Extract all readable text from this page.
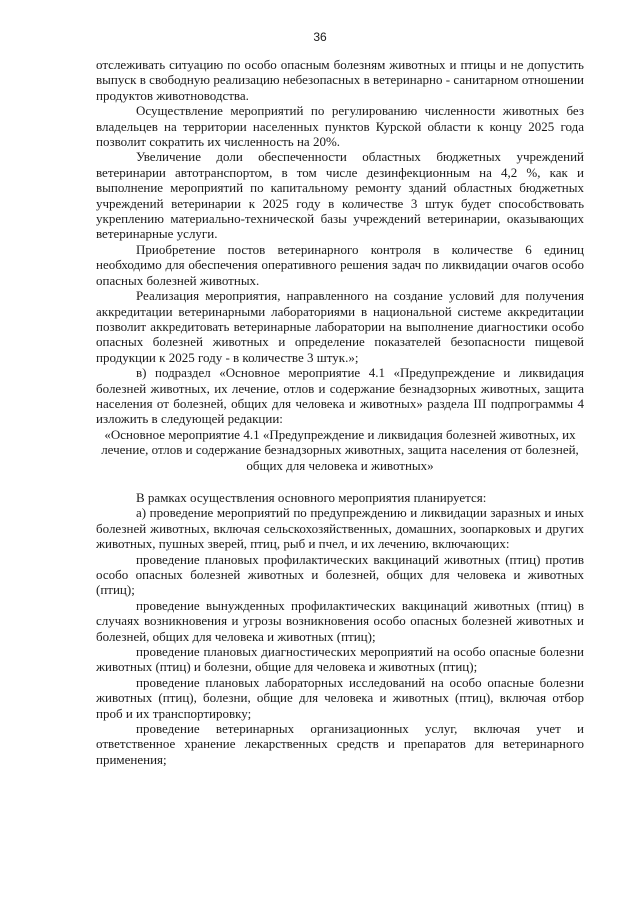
36

отслеживать ситуацию по особо опасным болезням животных и птицы и не допустить выпуск в свободную реализацию небезопасных в ветеринарно - санитарном отношении продуктов животноводства.

Осуществление мероприятий по регулированию численности животных без владельцев на территории населенных пунктов Курской области к концу 2025 года позволит сократить их численность на 20%.

Увеличение доли обеспеченности областных бюджетных учреждений ветеринарии автотранспортом, в том числе дезинфекционным на 4,2 %, как и выполнение мероприятий по капитальному ремонту зданий областных бюджетных учреждений ветеринарии к 2025 году в количестве 3 штук будет способствовать укреплению материально-технической базы учреждений ветеринарии, оказывающих ветеринарные услуги.

Приобретение постов ветеринарного контроля в количестве 6 единиц необходимо для обеспечения оперативного решения задач по ликвидации очагов особо опасных болезней животных.

Реализация мероприятия, направленного на создание условий для получения аккредитации ветеринарными лабораториями в национальной системе аккредитации позволит аккредитовать ветеринарные лаборатории на выполнение диагностики особо опасных болезней животных и определение показателей безопасности пищевой продукции к 2025 году - в количестве 3 штук.»;

в) подраздел «Основное мероприятие 4.1 «Предупреждение и ликвидация болезней животных, их лечение, отлов и содержание безнадзорных животных, защита населения от болезней, общих для человека и животных» раздела III подпрограммы 4 изложить в следующей редакции:

«Основное мероприятие 4.1 «Предупреждение и ликвидация болезней животных, их лечение, отлов и содержание безнадзорных животных, защита населения от болезней, общих для человека и животных»

В рамках осуществления основного мероприятия планируется:

а) проведение мероприятий по предупреждению и ликвидации заразных и иных болезней животных, включая сельскохозяйственных, домашних, зоопарковых и других животных, пушных зверей, птиц, рыб и пчел, и их лечению, включающих:

проведение плановых профилактических вакцинаций животных (птиц) против особо опасных болезней животных и болезней, общих для человека и животных (птиц);

проведение вынужденных профилактических вакцинаций животных (птиц) в случаях возникновения и угрозы возникновения особо опасных болезней животных и болезней, общих для человека и животных (птиц);

проведение плановых диагностических мероприятий на особо опасные болезни животных (птиц) и болезни, общие для человека и животных (птиц);

проведение плановых лабораторных исследований на особо опасные болезни животных (птиц), болезни, общие для человека и животных (птиц), включая отбор проб и их транспортировку;

проведение ветеринарных организационных услуг, включая учет и ответственное хранение лекарственных средств и препаратов для ветеринарного применения;
